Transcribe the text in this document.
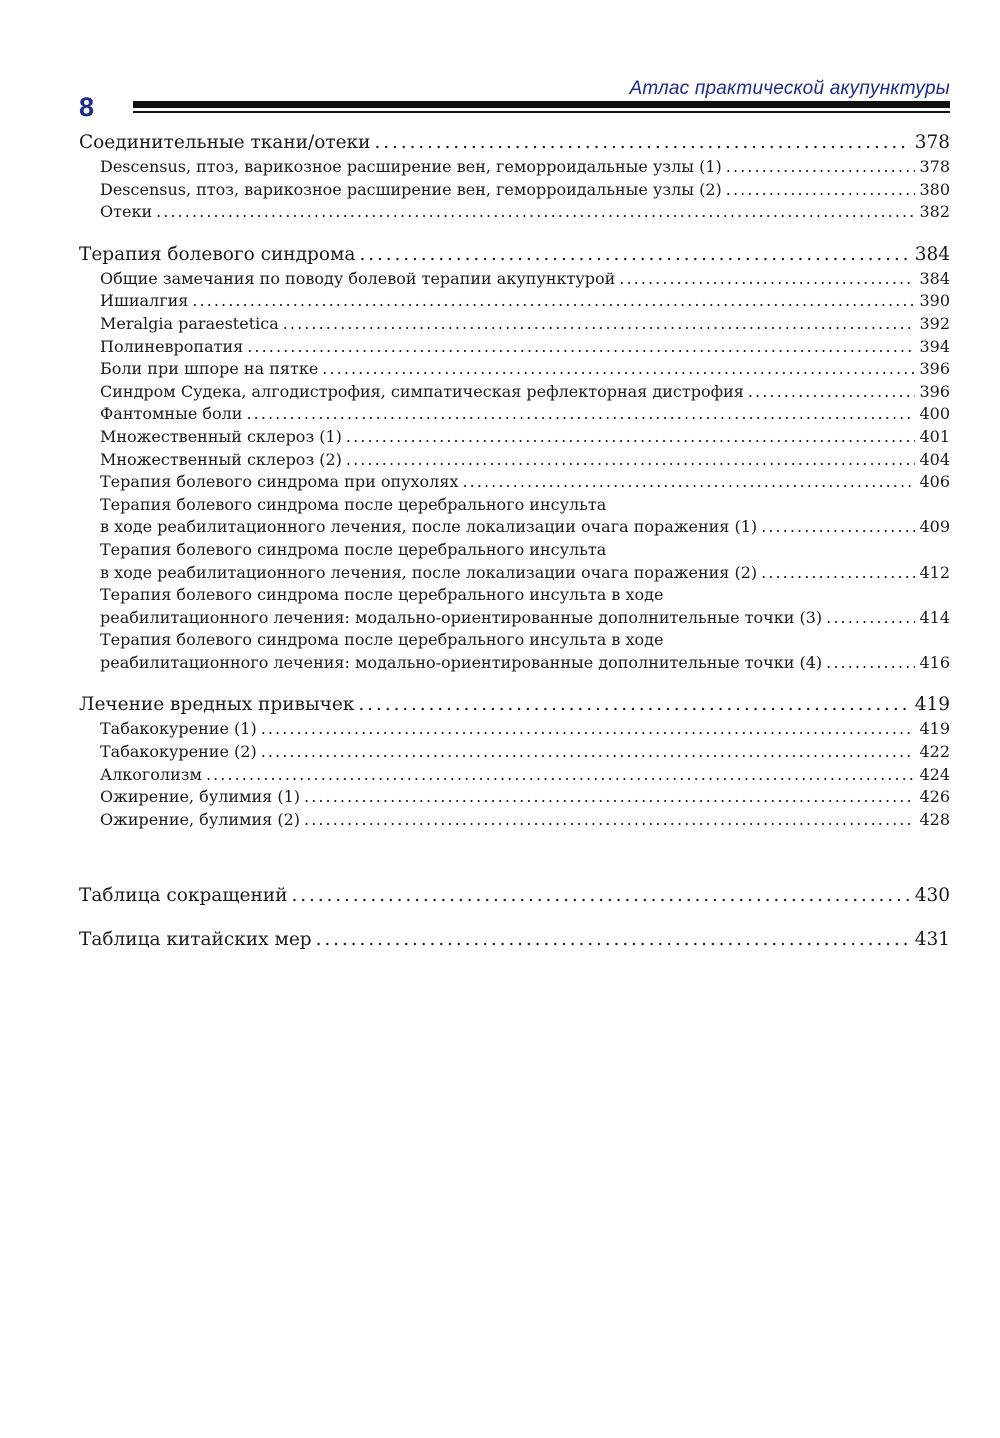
Атлас практической акупунктуры
8
Соединительные ткани/отеки . . .	378
Descensus, птоз, варикозное расширение вен, геморроидальные узлы (1) . . .	378
Descensus, птоз, варикозное расширение вен, геморроидальные узлы (2) . . .	380
Отеки . . .	382
Терапия болевого синдрома . . .	384
Общие замечания по поводу болевой терапии акупунктурой . . .	384
Ишиалгия . . .	390
Meralgia paraestetica . . .	392
Полиневропатия . . .	394
Боли при шпоре на пятке . . .	396
Синдром Судека, алгодистрофия, симпатическая рефлекторная дистрофия . . .	396
Фантомные боли . . .	400
Множественный склероз (1) . . .	401
Множественный склероз (2) . . .	404
Терапия болевого синдрома при опухолях . . .	406
Терапия болевого синдрома после церебрального инсульта
в ходе реабилитационного лечения, после локализации очага поражения (1) . . .	409
Терапия болевого синдрома после церебрального инсульта
в ходе реабилитационного лечения, после локализации очага поражения (2) . . .	412
Терапия болевого синдрома после церебрального инсульта в ходе
реабилитационного лечения: модально-ориентированные дополнительные точки (3) . . .	414
Терапия болевого синдрома после церебрального инсульта в ходе
реабилитационного лечения: модально-ориентированные дополнительные точки (4) . . .	416
Лечение вредных привычек . . .	419
Табакокурение (1) . . .	419
Табакокурение (2) . . .	422
Алкоголизм . . .	424
Ожирение, булимия (1) . . .	426
Ожирение, булимия (2) . . .	428
Таблица сокращений . . .	430
Таблица китайских мер . . .	431
